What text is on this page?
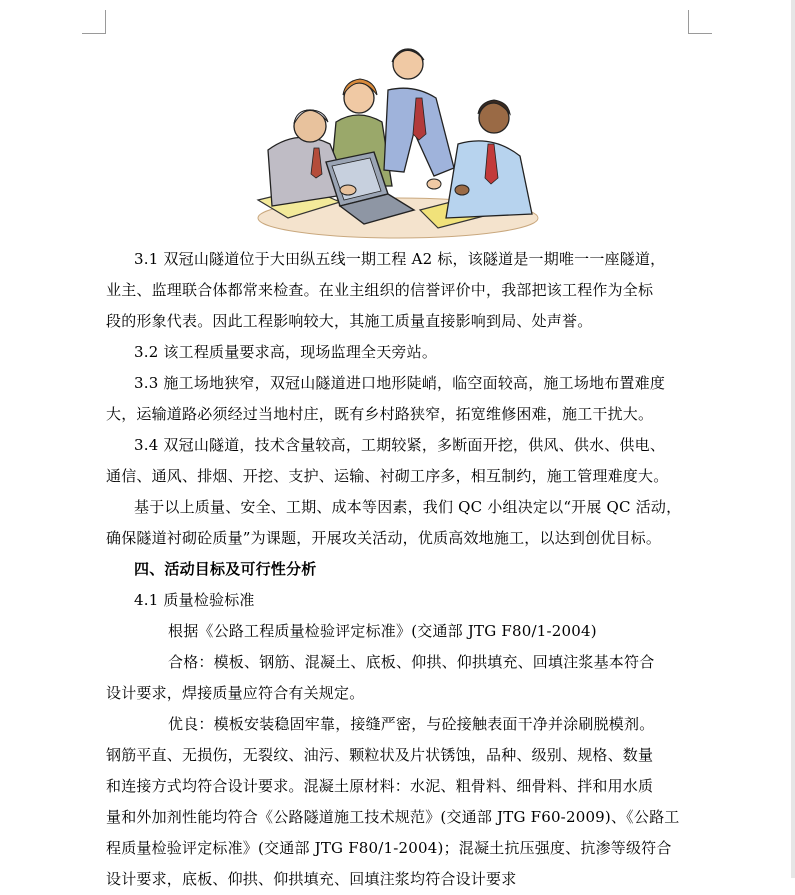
3.1 双冠山隧道位于大田纵五线一期工程 A2 标，该隧道是一期唯一一座隧道，

业主、监理联合体都常来检查。在业主组织的信誉评价中，我部把该工程作为全标

段的形象代表。因此工程影响较大，其施工质量直接影响到局、处声誉。

3.2 该工程质量要求高，现场监理全天旁站。

3.3 施工场地狭窄，双冠山隧道进口地形陡峭，临空面较高，施工场地布置难度

大，运输道路必须经过当地村庄，既有乡村路狭窄，拓宽维修困难，施工干扰大。

3.4 双冠山隧道，技术含量较高，工期较紧，多断面开挖，供风、供水、供电、

通信、通风、排烟、开挖、支护、运输、衬砌工序多，相互制约，施工管理难度大。

基于以上质量、安全、工期、成本等因素，我们 QC 小组决定以“开展 QC 活动，

确保隧道衬砌砼质量”为课题，开展攻关活动，优质高效地施工，以达到创优目标。

四、活动目标及可行性分析

4.1 质量检验标准

根据《公路工程质量检验评定标准》(交通部 JTG F80/1-2004)

合格：模板、钢筋、混凝土、底板、仰拱、仰拱填充、回填注浆基本符合

设计要求，焊接质量应符合有关规定。

优良：模板安装稳固牢靠，接缝严密，与砼接触表面干净并涂刷脱模剂。

钢筋平直、无损伤，无裂纹、油污、颗粒状及片状锈蚀，品种、级别、规格、数量

和连接方式均符合设计要求。混凝土原材料：水泥、粗骨料、细骨料、拌和用水质

量和外加剂性能均符合《公路隧道施工技术规范》(交通部 JTG F60-2009)、《公路工

程质量检验评定标准》(交通部 JTG F80/1-2004)；混凝土抗压强度、抗渗等级符合

设计要求，底板、仰拱、仰拱填充、回填注浆均符合设计要求
